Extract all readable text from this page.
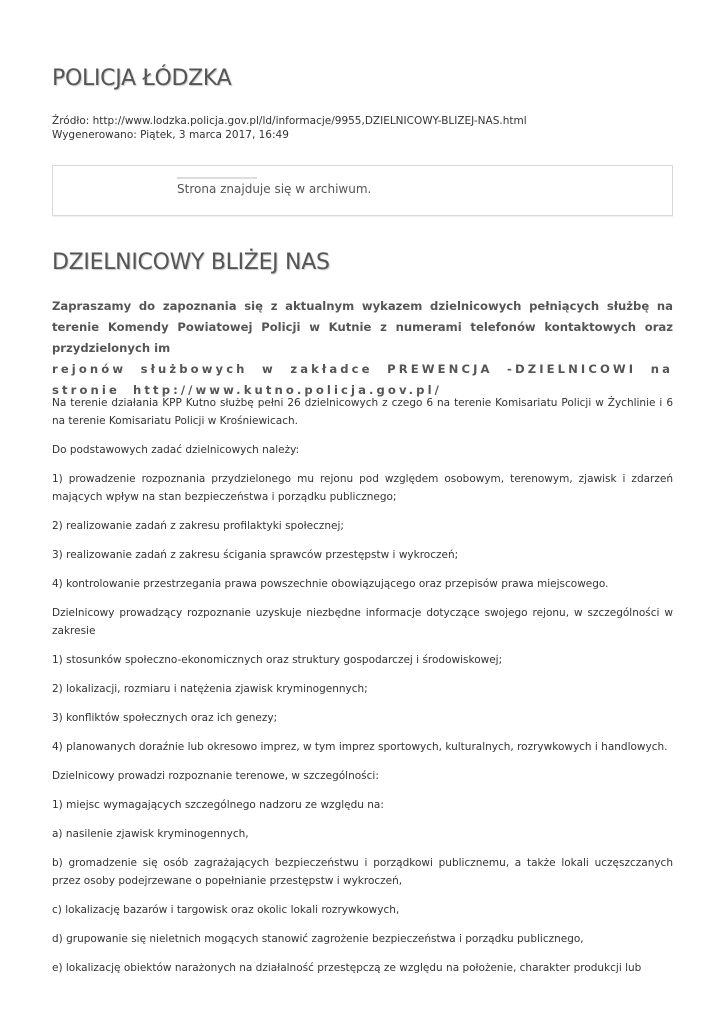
POLICJA ŁÓDZKA
Źródło: http://www.lodzka.policja.gov.pl/ld/informacje/9955,DZIELNICOWY-BLIZEJ-NAS.html
Wygenerowano: Piątek, 3 marca 2017, 16:49
Strona znajduje się w archiwum.
DZIELNICOWY BLIŻEJ NAS

Zapraszamy do zapoznania się z aktualnym wykazem dzielnicowych pełniących służbę na terenie Komendy Powiatowej Policji w Kutnie z numerami telefonów kontaktowych oraz przydzielonych im
rejonów służbowych w zakładce PREWENCJA -DZIELNICOWI na stronie http://www.kutno.policja.gov.pl/

Na terenie działania KPP Kutno służbę pełni 26 dzielnicowych z czego 6 na terenie Komisariatu Policji w Żychlinie i 6 na terenie Komisariatu Policji w Krośniewicach.

Do podstawowych zadać dzielnicowych należy:

1) prowadzenie rozpoznania przydzielonego mu rejonu pod względem osobowym, terenowym, zjawisk i zdarzeń mających wpływ na stan bezpieczeństwa i porządku publicznego;

2) realizowanie zadań z zakresu profilaktyki społecznej;

3) realizowanie zadań z zakresu ścigania sprawców przestępstw i wykroczeń;

4) kontrolowanie przestrzegania prawa powszechnie obowiązującego oraz przepisów prawa miejscowego.

Dzielnicowy prowadzący rozpoznanie uzyskuje niezbędne informacje dotyczące swojego rejonu, w szczególności w zakresie

1) stosunków społeczno-ekonomicznych oraz struktury gospodarczej i środowiskowej;

2) lokalizacji, rozmiaru i natężenia zjawisk kryminogennych;

3) konfliktów społecznych oraz ich genezy;

4) planowanych doraźnie lub okresowo imprez, w tym imprez sportowych, kulturalnych, rozrywkowych i handlowych.

Dzielnicowy prowadzi rozpoznanie terenowe, w szczególności:

1) miejsc wymagających szczególnego nadzoru ze względu na:

a) nasilenie zjawisk kryminogennych,

b) gromadzenie się osób zagrażających bezpieczeństwu i porządkowi publicznemu, a także lokali uczęszczanych przez osoby podejrzewane o popełnianie przestępstw i wykroczeń,

c) lokalizację bazarów i targowisk oraz okolic lokali rozrywkowych,

d) grupowanie się nieletnich mogących stanowić zagrożenie bezpieczeństwa i porządku publicznego,

e) lokalizację obiektów narażonych na działalność przestępczą ze względu na położenie, charakter produkcji lub
